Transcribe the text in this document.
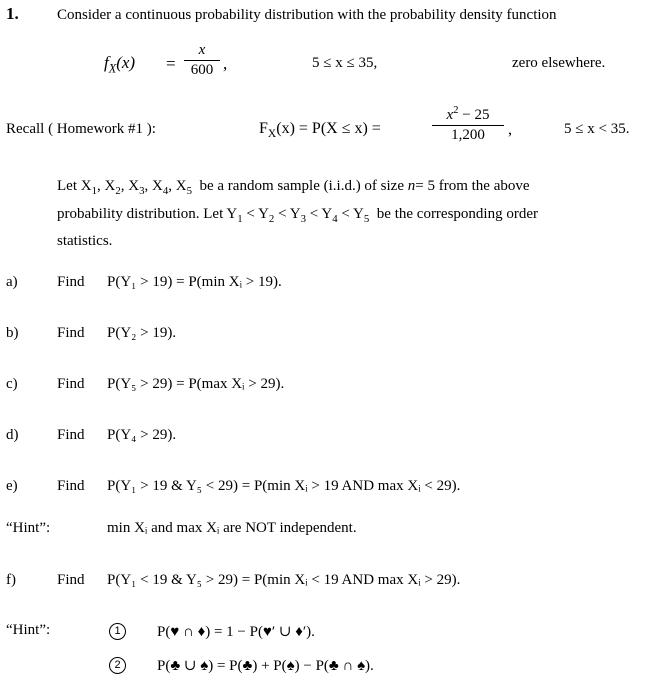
1.	Consider a continuous probability distribution with the probability density function
$f_X(x)$ =
x
600 ,	5 ≤ x ≤ 35,	zero elsewhere.
Recall ( Homework #1 ):	$F_X(x) = P(X \le x)$ =
$x^2 - 25$
1,200	,	5 ≤ x < 35.
Let $X_1$, $X_2$, $X_3$, $X_4$, $X_5$ be a random sample (i.i.d.) of size n= 5 from the above
probability distribution. Let $Y_1 < Y_2 < Y_3 < Y_4 < Y_5$ be the corresponding order
statistics.
a)	Find P(Y₁ > 19) = P(min Xᵢ > 19).
b)	Find P(Y₂ > 19).
c)	Find P(Y₅ > 29) = P(max Xᵢ > 29).
d)	Find P(Y₄ > 29).
e)	Find P(Y₁ > 19 & Y₅ < 29) = P(min Xᵢ > 19 AND max Xᵢ < 29).
“Hint”:	min Xᵢ and max Xᵢ are NOT independent.
f)	Find P(Y₁ < 19 & Y₅ > 29) = P(min Xᵢ < 19 AND max Xᵢ > 29).
“Hint”:	1	P(♥ ∩ ♦) = 1 − P(♥′ ∪ ♦′).
2	P(♣ ∪ ♠) = P(♣) + P(♠) − P(♣ ∩ ♠).
